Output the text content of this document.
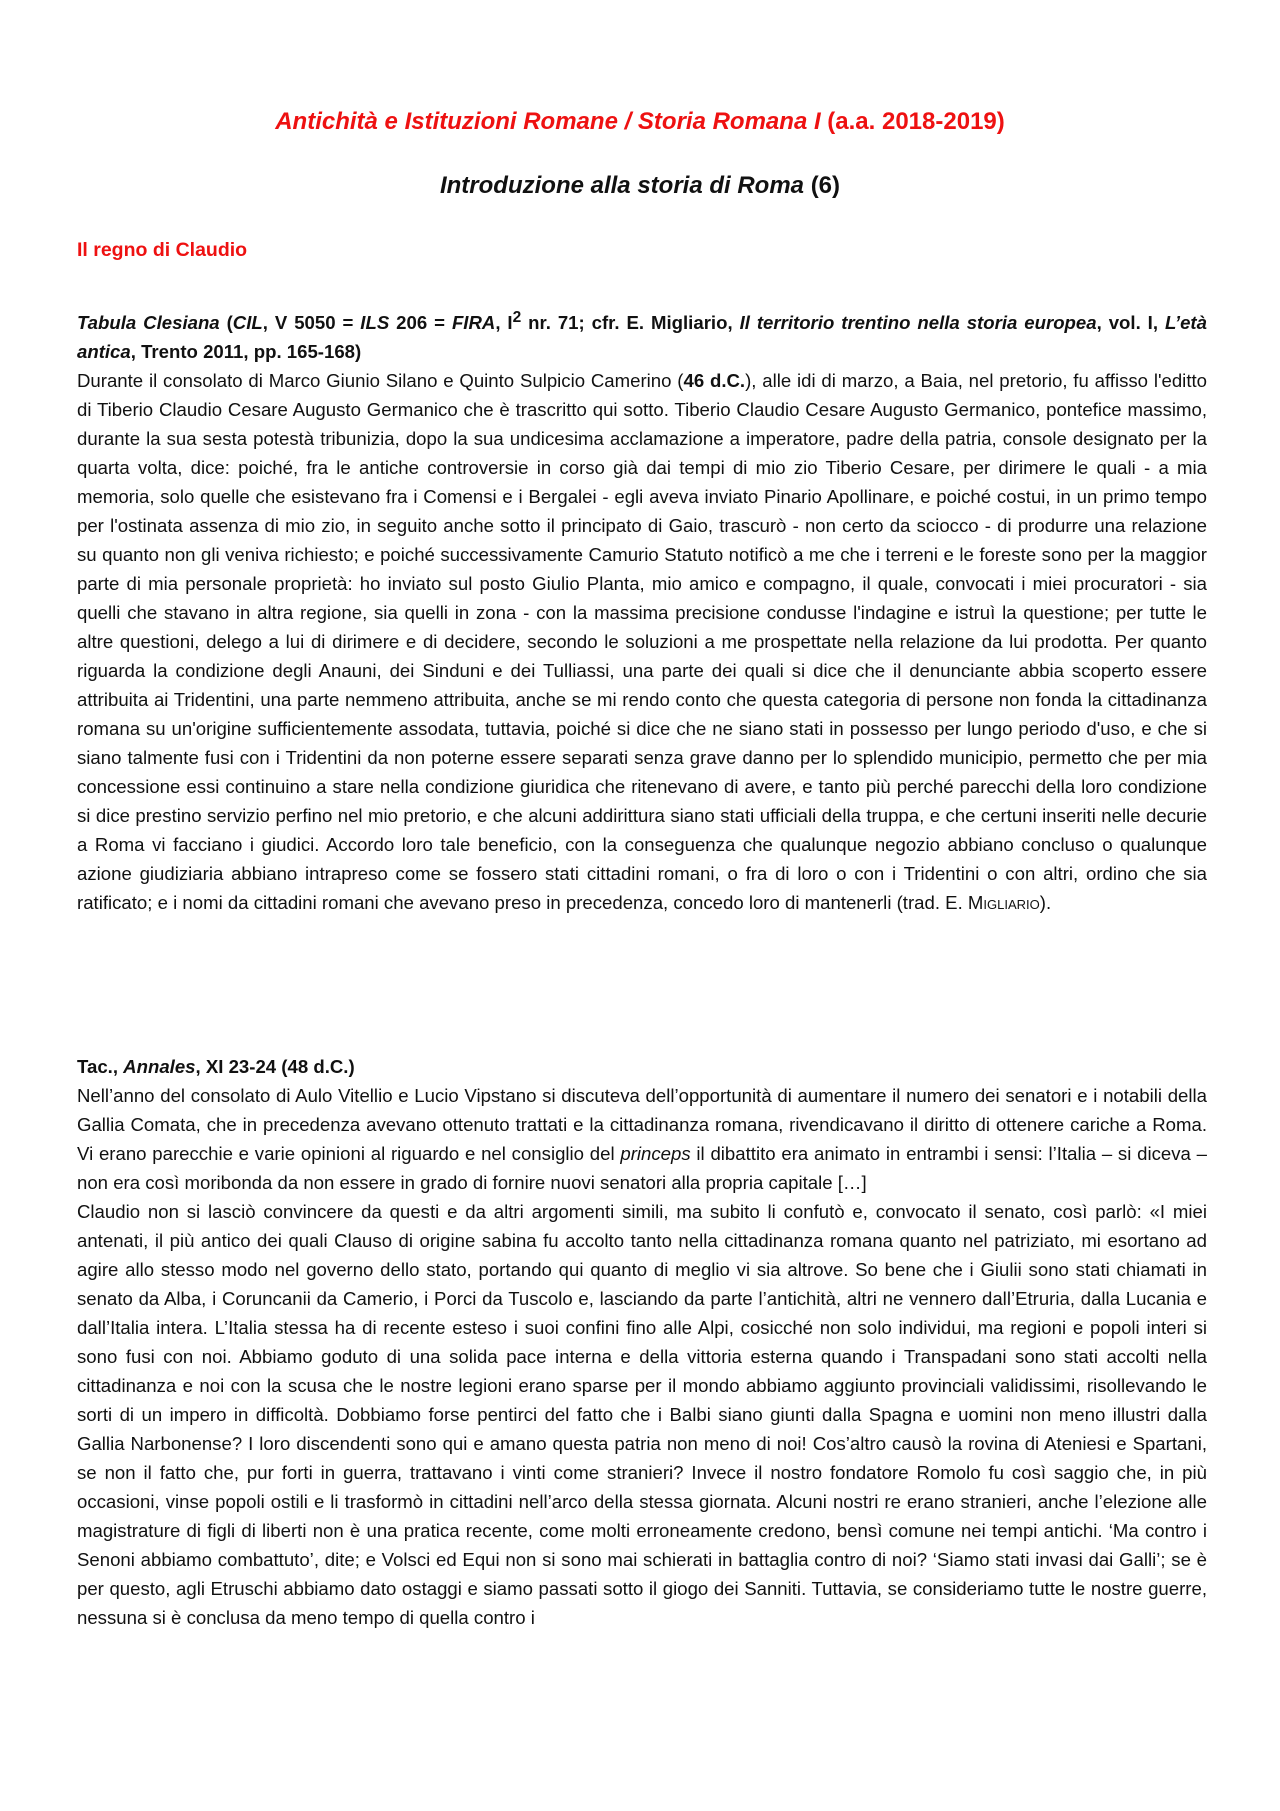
Antichità e Istituzioni Romane / Storia Romana I (a.a. 2018-2019)
Introduzione alla storia di Roma (6)
Il regno di Claudio

Tabula Clesiana (CIL, V 5050 = ILS 206 = FIRA, $I^2$ nr. 71; cfr. E. Migliario, Il territorio trentino nella storia europea, vol. I, L’età antica, Trento 2011, pp. 165-168)

Durante il consolato di Marco Giunio Silano e Quinto Sulpicio Camerino (46 d.C.), alle idi di marzo, a Baia, nel pretorio, fu affisso l'editto di Tiberio Claudio Cesare Augusto Germanico che è trascritto qui sotto. Tiberio Claudio Cesare Augusto Germanico, pontefice massimo, durante la sua sesta potestà tribunizia, dopo la sua undicesima acclamazione a imperatore, padre della patria, console designato per la quarta volta, dice: poiché, fra le antiche controversie in corso già dai tempi di mio zio Tiberio Cesare, per dirimere le quali - a mia memoria, solo quelle che esistevano fra i Comensi e i Bergalei - egli aveva inviato Pinario Apollinare, e poiché costui, in un primo tempo per l'ostinata assenza di mio zio, in seguito anche sotto il principato di Gaio, trascurò - non certo da sciocco - di produrre una relazione su quanto non gli veniva richiesto; e poiché successivamente Camurio Statuto notificò a me che i terreni e le foreste sono per la maggior parte di mia personale proprietà: ho inviato sul posto Giulio Planta, mio amico e compagno, il quale, convocati i miei procuratori - sia quelli che stavano in altra regione, sia quelli in zona - con la massima precisione condusse l'indagine e istruì la questione; per tutte le altre questioni, delego a lui di dirimere e di decidere, secondo le soluzioni a me prospettate nella relazione da lui prodotta. Per quanto riguarda la condizione degli Anauni, dei Sinduni e dei Tulliassi, una parte dei quali si dice che il denunciante abbia scoperto essere attribuita ai Tridentini, una parte nemmeno attribuita, anche se mi rendo conto che questa categoria di persone non fonda la cittadinanza romana su un'origine sufficientemente assodata, tuttavia, poiché si dice che ne siano stati in possesso per lungo periodo d'uso, e che si siano talmente fusi con i Tridentini da non poterne essere separati senza grave danno per lo splendido municipio, permetto che per mia concessione essi continuino a stare nella condizione giuridica che ritenevano di avere, e tanto più perché parecchi della loro condizione si dice prestino servizio perfino nel mio pretorio, e che alcuni addirittura siano stati ufficiali della truppa, e che certuni inseriti nelle decurie a Roma vi facciano i giudici. Accordo loro tale beneficio, con la conseguenza che qualunque negozio abbiano concluso o qualunque azione giudiziaria abbiano intrapreso come se fossero stati cittadini romani, o fra di loro o con i Tridentini o con altri, ordino che sia ratificato; e i nomi da cittadini romani che avevano preso in precedenza, concedo loro di mantenerli (trad. E. Migliario).

Tac., Annales, XI 23-24 (48 d.C.)

Nell’anno del consolato di Aulo Vitellio e Lucio Vipstano si discuteva dell’opportunità di aumentare il numero dei senatori e i notabili della Gallia Comata, che in precedenza avevano ottenuto trattati e la cittadinanza romana, rivendicavano il diritto di ottenere cariche a Roma. Vi erano parecchie e varie opinioni al riguardo e nel consiglio del princeps il dibattito era animato in entrambi i sensi: l’Italia – si diceva – non era così moribonda da non essere in grado di fornire nuovi senatori alla propria capitale […]

Claudio non si lasciò convincere da questi e da altri argomenti simili, ma subito li confutò e, convocato il senato, così parlò: «I miei antenati, il più antico dei quali Clauso di origine sabina fu accolto tanto nella cittadinanza romana quanto nel patriziato, mi esortano ad agire allo stesso modo nel governo dello stato, portando qui quanto di meglio vi sia altrove. So bene che i Giulii sono stati chiamati in senato da Alba, i Coruncanii da Camerio, i Porci da Tuscolo e, lasciando da parte l’antichità, altri ne vennero dall’Etruria, dalla Lucania e dall’Italia intera. L’Italia stessa ha di recente esteso i suoi confini fino alle Alpi, cosicché non solo individui, ma regioni e popoli interi si sono fusi con noi. Abbiamo goduto di una solida pace interna e della vittoria esterna quando i Transpadani sono stati accolti nella cittadinanza e noi con la scusa che le nostre legioni erano sparse per il mondo abbiamo aggiunto provinciali validissimi, risollevando le sorti di un impero in difficoltà. Dobbiamo forse pentirci del fatto che i Balbi siano giunti dalla Spagna e uomini non meno illustri dalla Gallia Narbonense? I loro discendenti sono qui e amano questa patria non meno di noi! Cos’altro causò la rovina di Ateniesi e Spartani, se non il fatto che, pur forti in guerra, trattavano i vinti come stranieri? Invece il nostro fondatore Romolo fu così saggio che, in più occasioni, vinse popoli ostili e li trasformò in cittadini nell’arco della stessa giornata. Alcuni nostri re erano stranieri, anche l’elezione alle magistrature di figli di liberti non è una pratica recente, come molti erroneamente credono, bensì comune nei tempi antichi. ‘Ma contro i Senoni abbiamo combattuto’, dite; e Volsci ed Equi non si sono mai schierati in battaglia contro di noi? ‘Siamo stati invasi dai Galli’; se è per questo, agli Etruschi abbiamo dato ostaggi e siamo passati sotto il giogo dei Sanniti. Tuttavia, se consideriamo tutte le nostre guerre, nessuna si è conclusa da meno tempo di quella contro i
